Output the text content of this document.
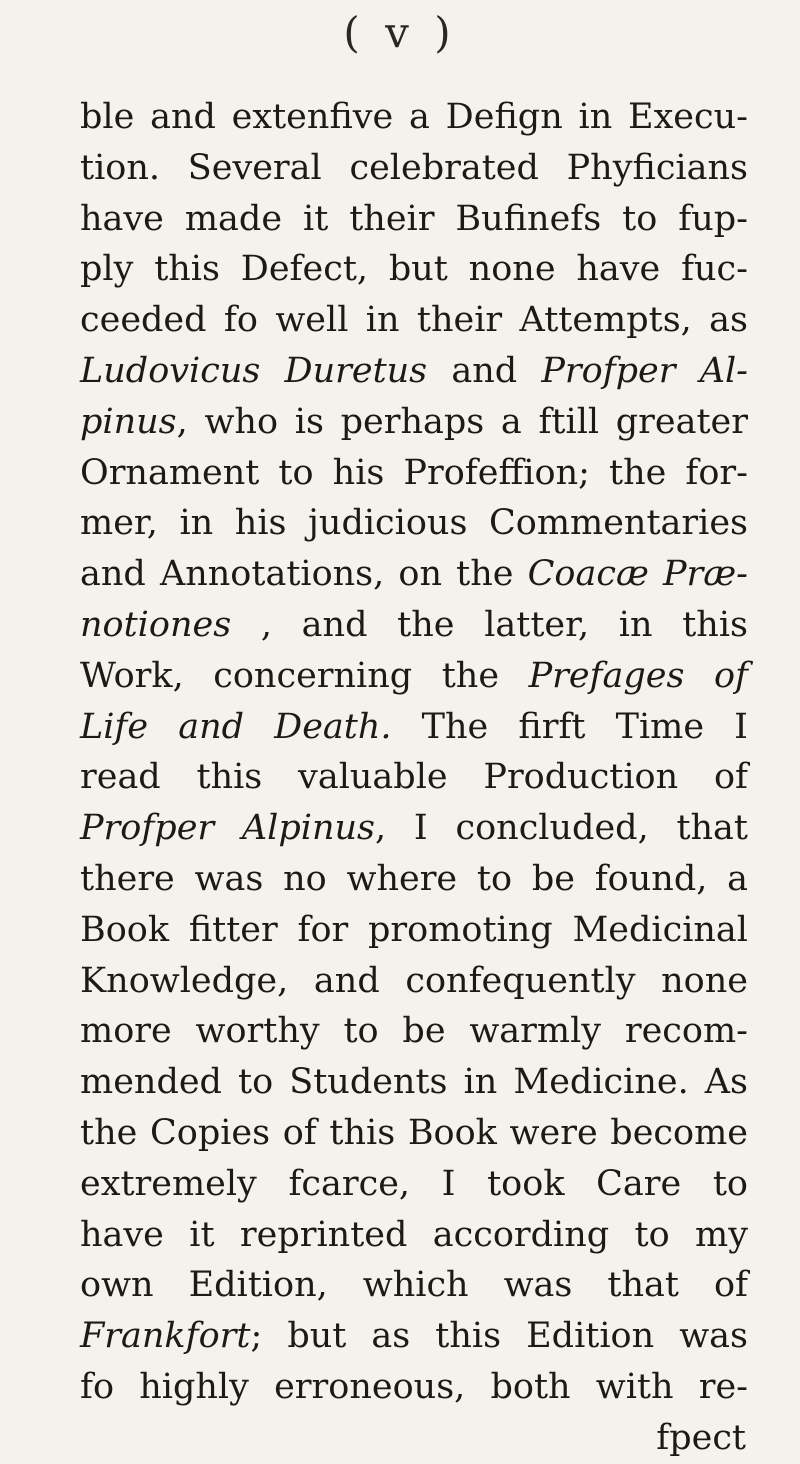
( v )
ble and extenfive a Defign in Execu-
tion. Several celebrated Phyficians
have made it their Bufinefs to fup-
ply this Defect, but none have fuc-
ceeded fo well in their Attempts, as
Ludovicus Duretus and Profper Al-
pinus, who is perhaps a ftill greater
Ornament to his Profeffion; the for-
mer, in his judicious Commentaries
and Annotations, on the Coacæ Præ-
notiones , and the latter, in this
Work, concerning the Prefages of
Life and Death. The firft Time I
read this valuable Production of
Profper Alpinus, I concluded, that
there was no where to be found, a
Book fitter for promoting Medicinal
Knowledge, and confequently none
more worthy to be warmly recom-
mended to Students in Medicine. As
the Copies of this Book were become
extremely fcarce, I took Care to
have it reprinted according to my
own Edition, which was that of
Frankfort; but as this Edition was
fo highly erroneous, both with re-
fpect
